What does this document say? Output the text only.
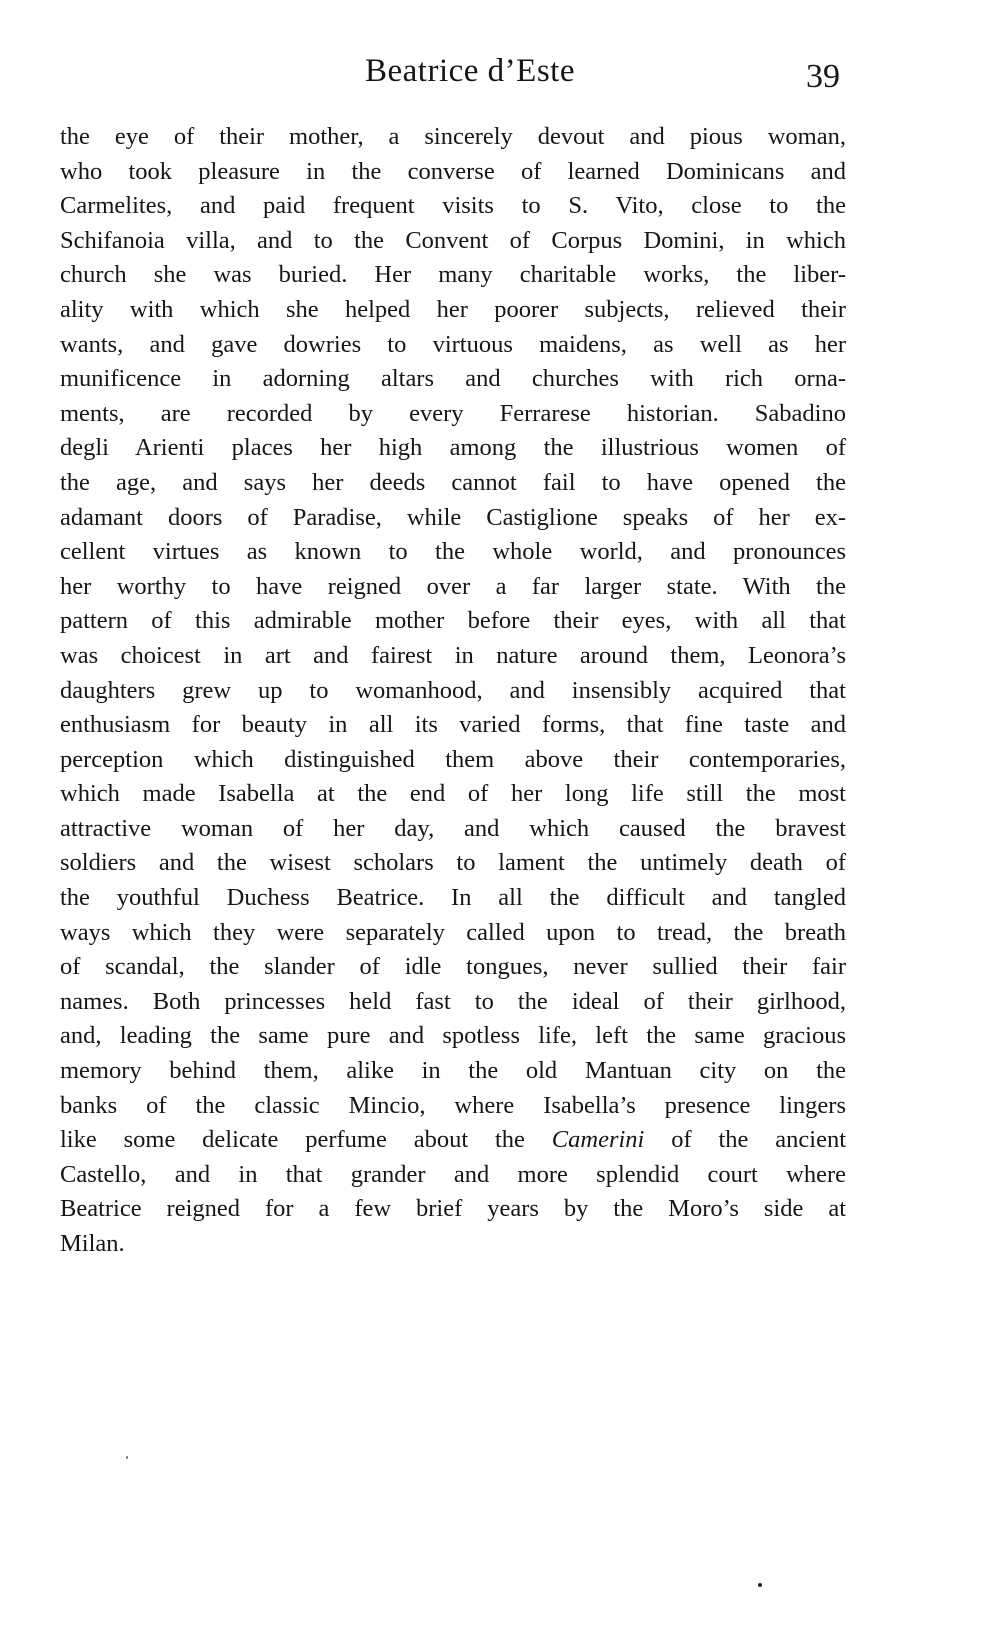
Beatrice d’Este	39
the eye of their mother, a sincerely devout and pious woman,
who took pleasure in the converse of learned Dominicans and
Carmelites, and paid frequent visits to S. Vito, close to the
Schifanoia villa, and to the Convent of Corpus Domini, in which
church she was buried. Her many charitable works, the liber-
ality with which she helped her poorer subjects, relieved their
wants, and gave dowries to virtuous maidens, as well as her
munificence in adorning altars and churches with rich orna-
ments, are recorded by every Ferrarese historian. Sabadino
degli Arienti places her high among the illustrious women of
the age, and says her deeds cannot fail to have opened the
adamant doors of Paradise, while Castiglione speaks of her ex-
cellent virtues as known to the whole world, and pronounces
her worthy to have reigned over a far larger state. With the
pattern of this admirable mother before their eyes, with all that
was choicest in art and fairest in nature around them, Leonora’s
daughters grew up to womanhood, and insensibly acquired that
enthusiasm for beauty in all its varied forms, that fine taste and
perception which distinguished them above their contemporaries,
which made Isabella at the end of her long life still the most
attractive woman of her day, and which caused the bravest
soldiers and the wisest scholars to lament the untimely death of
the youthful Duchess Beatrice. In all the difficult and tangled
ways which they were separately called upon to tread, the breath
of scandal, the slander of idle tongues, never sullied their fair
names. Both princesses held fast to the ideal of their girlhood,
and, leading the same pure and spotless life, left the same gracious
memory behind them, alike in the old Mantuan city on the
banks of the classic Mincio, where Isabella’s presence lingers
like some delicate perfume about the Camerini of the ancient
Castello, and in that grander and more splendid court where
Beatrice reigned for a few brief years by the Moro’s side at
Milan.
